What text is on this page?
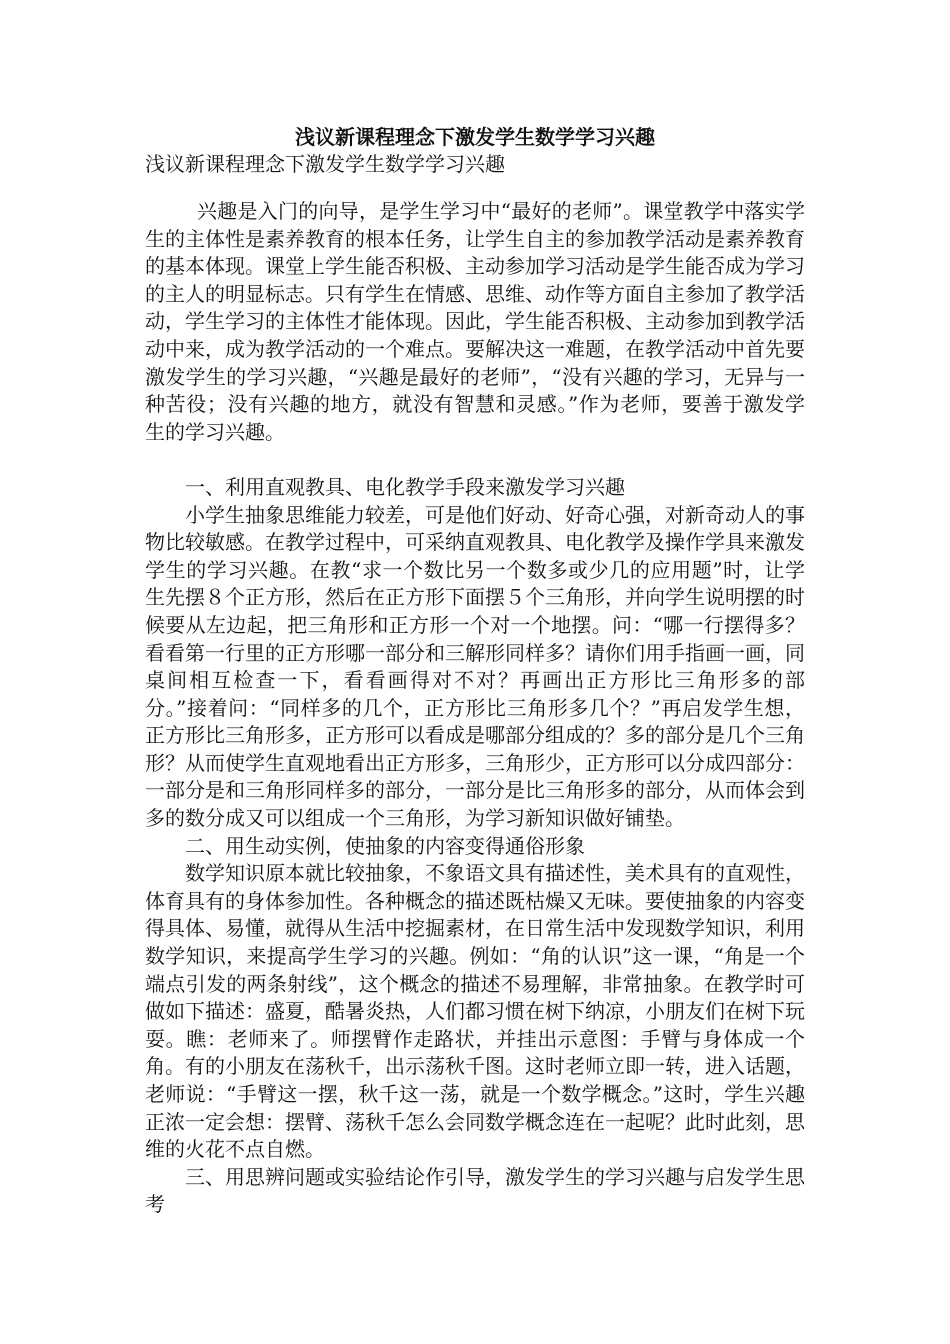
浅议新课程理念下激发学生数学学习兴趣
浅议新课程理念下激发学生数学学习兴趣

兴趣是入门的向导，是学生学习中“最好的老师”。课堂教学中落实学生的主体性是素养教育的根本任务，让学生自主的参加教学活动是素养教育的基本体现。课堂上学生能否积极、主动参加学习活动是学生能否成为学习的主人的明显标志。只有学生在情感、思维、动作等方面自主参加了教学活动，学生学习的主体性才能体现。因此，学生能否积极、主动参加到教学活动中来，成为教学活动的一个难点。要解决这一难题，在教学活动中首先要激发学生的学习兴趣，“兴趣是最好的老师”，“没有兴趣的学习，无异与一种苦役；没有兴趣的地方，就没有智慧和灵感。”作为老师，要善于激发学生的学习兴趣。

一、利用直观教具、电化教学手段来激发学习兴趣

小学生抽象思维能力较差，可是他们好动、好奇心强，对新奇动人的事物比较敏感。在教学过程中，可采纳直观教具、电化教学及操作学具来激发学生的学习兴趣。在教“求一个数比另一个数多或少几的应用题”时，让学生先摆８个正方形，然后在正方形下面摆５个三角形，并向学生说明摆的时候要从左边起，把三角形和正方形一个对一个地摆。问：“哪一行摆得多？看看第一行里的正方形哪一部分和三解形同样多？请你们用手指画一画，同桌间相互检查一下，看看画得对不对？再画出正方形比三角形多的部分。”接着问：“同样多的几个，正方形比三角形多几个？”再启发学生想，正方形比三角形多，正方形可以看成是哪部分组成的？多的部分是几个三角形？从而使学生直观地看出正方形多，三角形少，正方形可以分成四部分：一部分是和三角形同样多的部分，一部分是比三角形多的部分，从而体会到多的数分成又可以组成一个三角形，为学习新知识做好铺垫。

二、用生动实例，使抽象的内容变得通俗形象

数学知识原本就比较抽象，不象语文具有描述性，美术具有的直观性，体育具有的身体参加性。各种概念的描述既枯燥又无味。要使抽象的内容变得具体、易懂，就得从生活中挖掘素材，在日常生活中发现数学知识，利用数学知识，来提高学生学习的兴趣。例如：“角的认识”这一课，“角是一个端点引发的两条射线”，这个概念的描述不易理解，非常抽象。在教学时可做如下描述：盛夏，酷暑炎热，人们都习惯在树下纳凉，小朋友们在树下玩耍。瞧：老师来了。师摆臂作走路状，并挂出示意图：手臂与身体成一个角。有的小朋友在荡秋千，出示荡秋千图。这时老师立即一转，进入话题，老师说：“手臂这一摆，秋千这一荡，就是一个数学概念。”这时，学生兴趣正浓一定会想：摆臂、荡秋千怎么会同数学概念连在一起呢？此时此刻，思维的火花不点自燃。

三、用思辨问题或实验结论作引导，激发学生的学习兴趣与启发学生思考
